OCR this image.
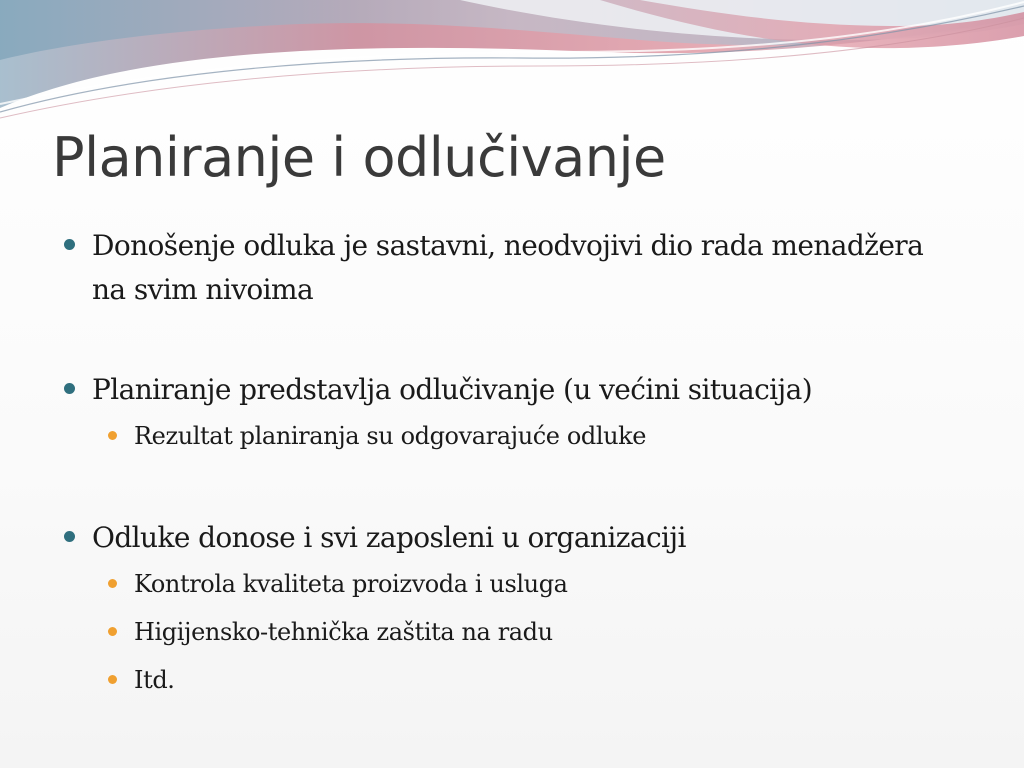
Planiranje i odlučivanje
Donošenje odluka je sastavni, neodvojivi dio rada menadžera na svim nivoima
Planiranje predstavlja odlučivanje (u većini situacija)
Rezultat planiranja su odgovarajuće odluke
Odluke donose i svi zaposleni u organizaciji
Kontrola kvaliteta proizvoda i usluga
Higijensko-tehnička zaštita na radu
Itd.
